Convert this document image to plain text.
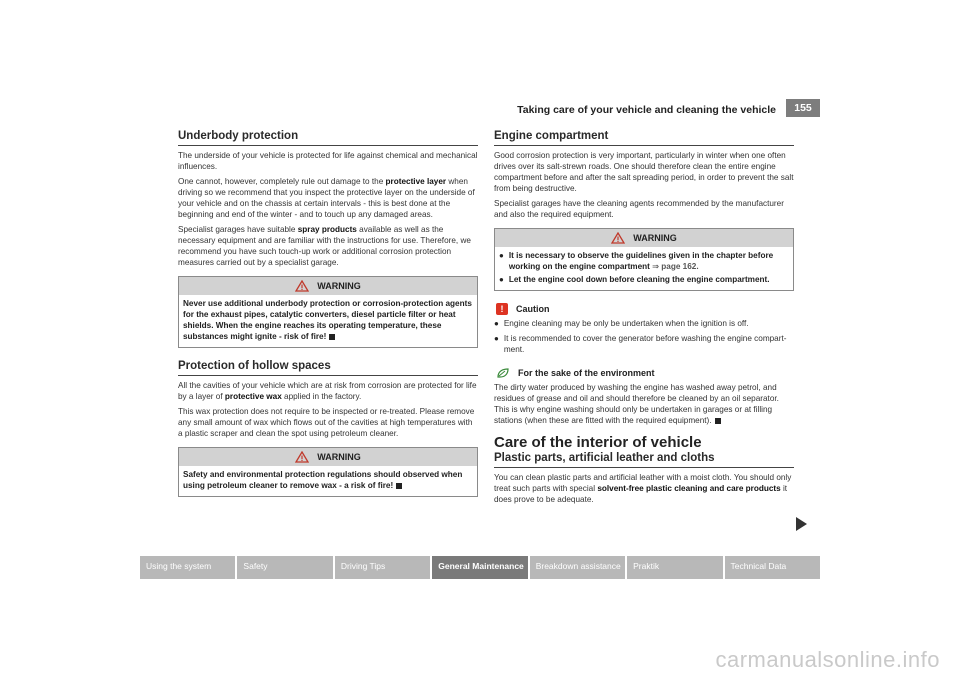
Taking care of your vehicle and cleaning the vehicle	155
Underbody protection

The underside of your vehicle is protected for life against chemical and mechanical influences.

One cannot, however, completely rule out damage to the protective layer when driving so we recommend that you inspect the protective layer on the underside of your vehicle and on the chassis at certain intervals - this is best done at the beginning and end of the winter - and to touch up any damaged areas.

Specialist garages have suitable spray products available as well as the necessary equipment and are familiar with the instructions for use. Therefore, we recommend you have such touch-up work or additional corrosion protection measures carried out by a specialist garage.

WARNING

Never use additional underbody protection or corrosion-protection agents for the exhaust pipes, catalytic converters, diesel particle filter or heat shields. When the engine reaches its operating temperature, these substances might ignite - risk of fire!

Protection of hollow spaces

All the cavities of your vehicle which are at risk from corrosion are protected for life by a layer of protective wax applied in the factory.

This wax protection does not require to be inspected or re-treated. Please remove any small amount of wax which flows out of the cavities at high temperatures with a plastic scraper and clean the spot using petroleum cleaner.

WARNING

Safety and environmental protection regulations should observed when using petroleum cleaner to remove wax - a risk of fire!

Engine compartment

Good corrosion protection is very important, particularly in winter when one often drives over its salt-strewn roads. One should therefore clean the entire engine compartment before and after the salt spreading period, in order to prevent the salt from being destructive.

Specialist garages have the cleaning agents recommended by the manufacturer and also the required equipment.

WARNING
● It is necessary to observe the guidelines given in the chapter before working on the engine compartment ⇒ page 162.

● Let the engine cool down before cleaning the engine compartment.

!	Caution
● Engine cleaning may be only be undertaken when the ignition is off.

● It is recommended to cover the generator before washing the engine compart-ment.

For the sake of the environment

The dirty water produced by washing the engine has washed away petrol, and residues of grease and oil and should therefore be cleaned by an oil separator. This is why engine washing should only be undertaken in garages or at filling stations (when these are fitted with the required equipment).

Care of the interior of vehicle
Plastic parts, artificial leather and cloths

You can clean plastic parts and artificial leather with a moist cloth. You should only treat such parts with special solvent-free plastic cleaning and care products it does prove to be adequate.

Using the system	Safety	Driving Tips	General Maintenance	Breakdown assistance	Praktik	Technical Data
carmanualsonline.info
